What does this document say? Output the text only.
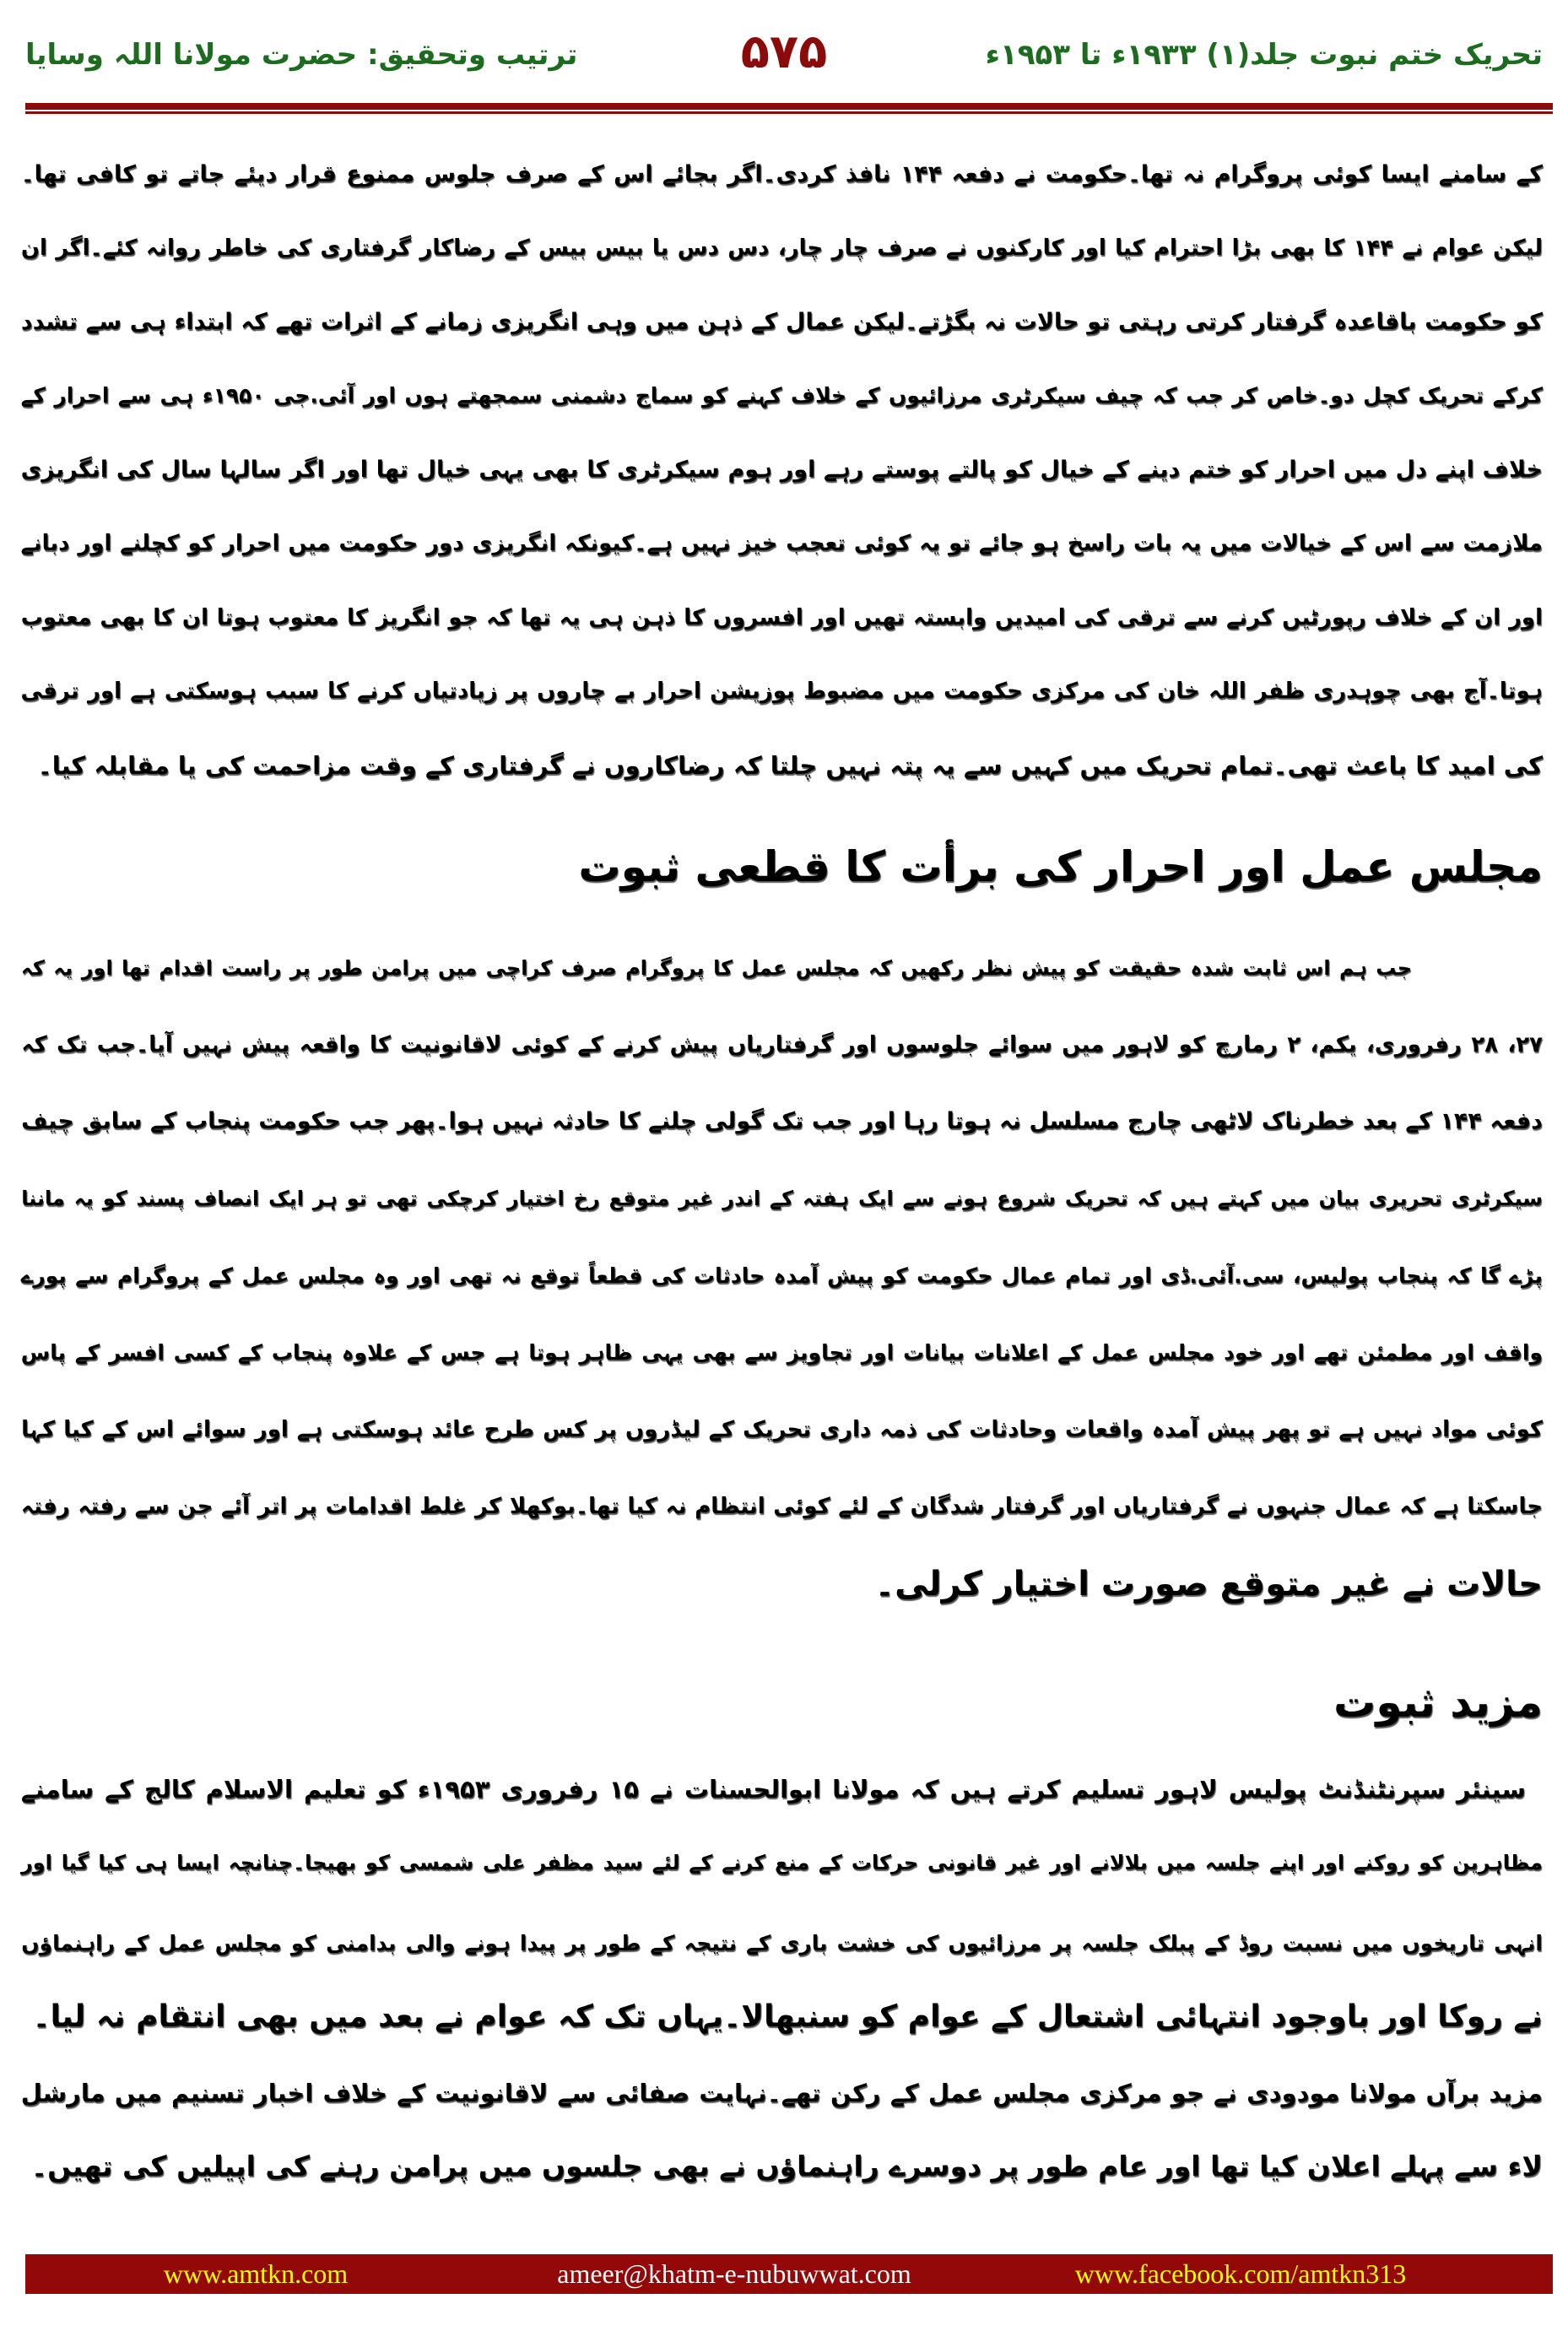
تحریک ختم نبوت جلد(۱) ۱۹۳۳ء تا ۱۹۵۳ء
۵۷۵
ترتیب وتحقیق: حضرت مولانا اللہ وسایا
کے سامنے ایسا کوئی پروگرام نہ تھا۔حکومت نے دفعہ ۱۴۴ نافذ کردی۔اگر بجائے اس کے صرف جلوس ممنوع قرار دیئے جاتے تو کافی تھا۔
لیکن عوام نے ۱۴۴ کا بھی بڑا احترام کیا اور کارکنوں نے صرف چار چار، دس دس یا بیس بیس کے رضاکار گرفتاری کی خاطر روانہ کئے۔اگر ان
کو حکومت باقاعدہ گرفتار کرتی رہتی تو حالات نہ بگڑتے۔لیکن عمال کے ذہن میں وہی انگریزی زمانے کے اثرات تھے کہ ابتداء ہی سے تشدد
کرکے تحریک کچل دو۔خاص کر جب کہ چیف سیکرٹری مرزائیوں کے خلاف کہنے کو سماج دشمنی سمجھتے ہوں اور آئی.جی ۱۹۵۰ء ہی سے احرار کے
خلاف اپنے دل میں احرار کو ختم دینے کے خیال کو پالتے پوستے رہے اور ہوم سیکرٹری کا بھی یہی خیال تھا اور اگر سالہا سال کی انگریزی
ملازمت سے اس کے خیالات میں یہ بات راسخ ہو جائے تو یہ کوئی تعجب خیز نہیں ہے۔کیونکہ انگریزی دور حکومت میں احرار کو کچلنے اور دبانے
اور ان کے خلاف رپورٹیں کرنے سے ترقی کی امیدیں وابستہ تھیں اور افسروں کا ذہن ہی یہ تھا کہ جو انگریز کا معتوب ہوتا ان کا بھی معتوب
ہوتا۔آج بھی چوہدری ظفر اللہ خان کی مرکزی حکومت میں مضبوط پوزیشن احرار بے چاروں پر زیادتیاں کرنے کا سبب ہوسکتی ہے اور ترقی
کی امید کا باعث تھی۔تمام تحریک میں کہیں سے یہ پتہ نہیں چلتا کہ رضاکاروں نے گرفتاری کے وقت مزاحمت کی یا مقابلہ کیا۔
مجلس عمل اور احرار کی برأت کا قطعی ثبوت
جب ہم اس ثابت شدہ حقیقت کو پیش نظر رکھیں کہ مجلس عمل کا پروگرام صرف کراچی میں پرامن طور پر راست اقدام تھا اور یہ کہ
۲۷، ۲۸ رفروری، یکم، ۲ رمارچ کو لاہور میں سوائے جلوسوں اور گرفتاریاں پیش کرنے کے کوئی لاقانونیت کا واقعہ پیش نہیں آیا۔جب تک کہ
دفعہ ۱۴۴ کے بعد خطرناک لاٹھی چارج مسلسل نہ ہوتا رہا اور جب تک گولی چلنے کا حادثہ نہیں ہوا۔پھر جب حکومت پنجاب کے سابق چیف
سیکرٹری تحریری بیان میں کہتے ہیں کہ تحریک شروع ہونے سے ایک ہفتہ کے اندر غیر متوقع رخ اختیار کرچکی تھی تو ہر ایک انصاف پسند کو یہ ماننا
پڑے گا کہ پنجاب پولیس، سی.آئی.ڈی اور تمام عمال حکومت کو پیش آمدہ حادثات کی قطعاً توقع نہ تھی اور وہ مجلس عمل کے پروگرام سے پورے
واقف اور مطمئن تھے اور خود مجلس عمل کے اعلانات بیانات اور تجاویز سے بھی یہی ظاہر ہوتا ہے جس کے علاوہ پنجاب کے کسی افسر کے پاس
کوئی مواد نہیں ہے تو پھر پیش آمدہ واقعات وحادثات کی ذمہ داری تحریک کے لیڈروں پر کس طرح عائد ہوسکتی ہے اور سوائے اس کے کیا کہا
جاسکتا ہے کہ عمال جنہوں نے گرفتاریاں اور گرفتار شدگان کے لئے کوئی انتظام نہ کیا تھا۔بوکھلا کر غلط اقدامات پر اتر آئے جن سے رفتہ رفتہ
حالات نے غیر متوقع صورت اختیار کرلی۔
مزید ثبوت
سینئر سپرنٹنڈنٹ پولیس لاہور تسلیم کرتے ہیں کہ مولانا ابوالحسنات نے ۱۵ رفروری ۱۹۵۳ء کو تعلیم الاسلام کالج کے سامنے
مظاہرین کو روکنے اور اپنے جلسہ میں بلالانے اور غیر قانونی حرکات کے منع کرنے کے لئے سید مظفر علی شمسی کو بھیجا۔چنانچہ ایسا ہی کیا گیا اور
انہی تاریخوں میں نسبت روڈ کے پبلک جلسہ پر مرزائیوں کی خشت باری کے نتیجہ کے طور پر پیدا ہونے والی بدامنی کو مجلس عمل کے راہنماؤں
نے روکا اور باوجود انتہائی اشتعال کے عوام کو سنبھالا۔یہاں تک کہ عوام نے بعد میں بھی انتقام نہ لیا۔
مزید برآں مولانا مودودی نے جو مرکزی مجلس عمل کے رکن تھے۔نہایت صفائی سے لاقانونیت کے خلاف اخبار تسنیم میں مارشل
لاء سے پہلے اعلان کیا تھا اور عام طور پر دوسرے راہنماؤں نے بھی جلسوں میں پرامن رہنے کی اپیلیں کی تھیں۔
www.amtkn.com	ameer@khatm-e-nubuwwat.com	www.facebook.com/amtkn313
